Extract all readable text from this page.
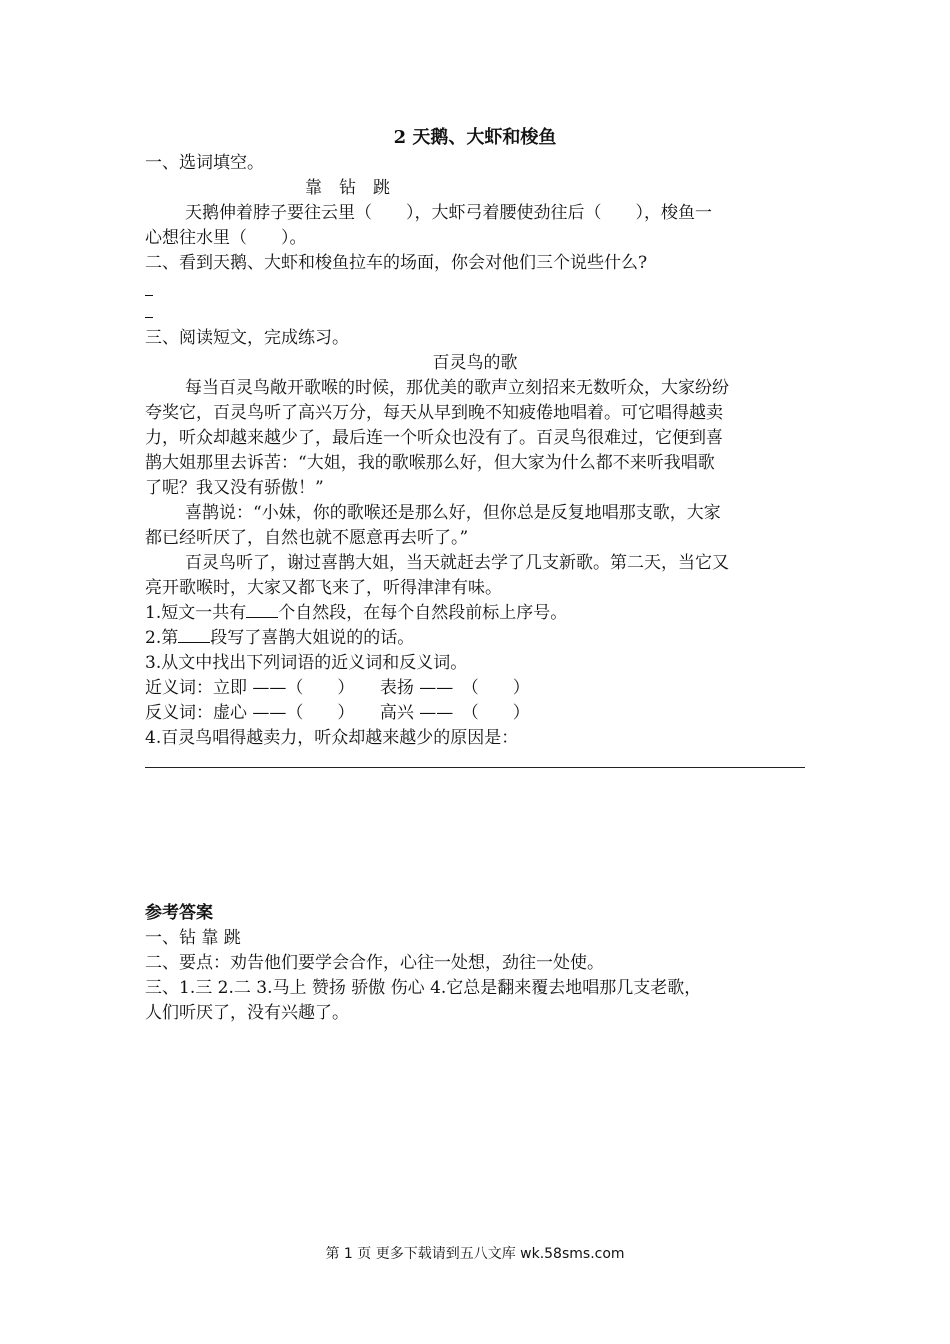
2 天鹅、大虾和梭鱼
一、选词填空。
靠　钻　跳
天鹅伸着脖子要往云里（　　），大虾弓着腰使劲往后（　　），梭鱼一
心想往水里（　　）。
二、看到天鹅、大虾和梭鱼拉车的场面，你会对他们三个说些什么?
三、阅读短文，完成练习。
百灵鸟的歌
每当百灵鸟敞开歌喉的时候，那优美的歌声立刻招来无数听众，大家纷纷
夸奖它，百灵鸟听了高兴万分，每天从早到晚不知疲倦地唱着。可它唱得越卖
力，听众却越来越少了，最后连一个听众也没有了。百灵鸟很难过，它便到喜
鹊大姐那里去诉苦：“大姐，我的歌喉那么好，但大家为什么都不来听我唱歌
了呢？我又没有骄傲！”
喜鹊说：“小妹，你的歌喉还是那么好，但你总是反复地唱那支歌，大家
都已经听厌了，自然也就不愿意再去听了。”
百灵鸟听了，谢过喜鹊大姐，当天就赶去学了几支新歌。第二天，当它又
亮开歌喉时，大家又都飞来了，听得津津有味。
1.短文一共有 个自然段，在每个自然段前标上序号。
2.第 段写了喜鹊大姐说的的话。
3.从文中找出下列词语的近义词和反义词。
近义词：立即 ——（　　）　　表扬 ——　（　　）
反义词：虚心 ——（　　）　　高兴 ——　（　　）
4.百灵鸟唱得越卖力，听众却越来越少的原因是：
参考答案
一、钻 靠 跳
二、要点：劝告他们要学会合作，心往一处想，劲往一处使。
三、1.三 2.二 3.马上 赞扬 骄傲 伤心 4.它总是翻来覆去地唱那几支老歌，
人们听厌了，没有兴趣了。
第 1 页 更多下载请到五八文库 wk.58sms.com
